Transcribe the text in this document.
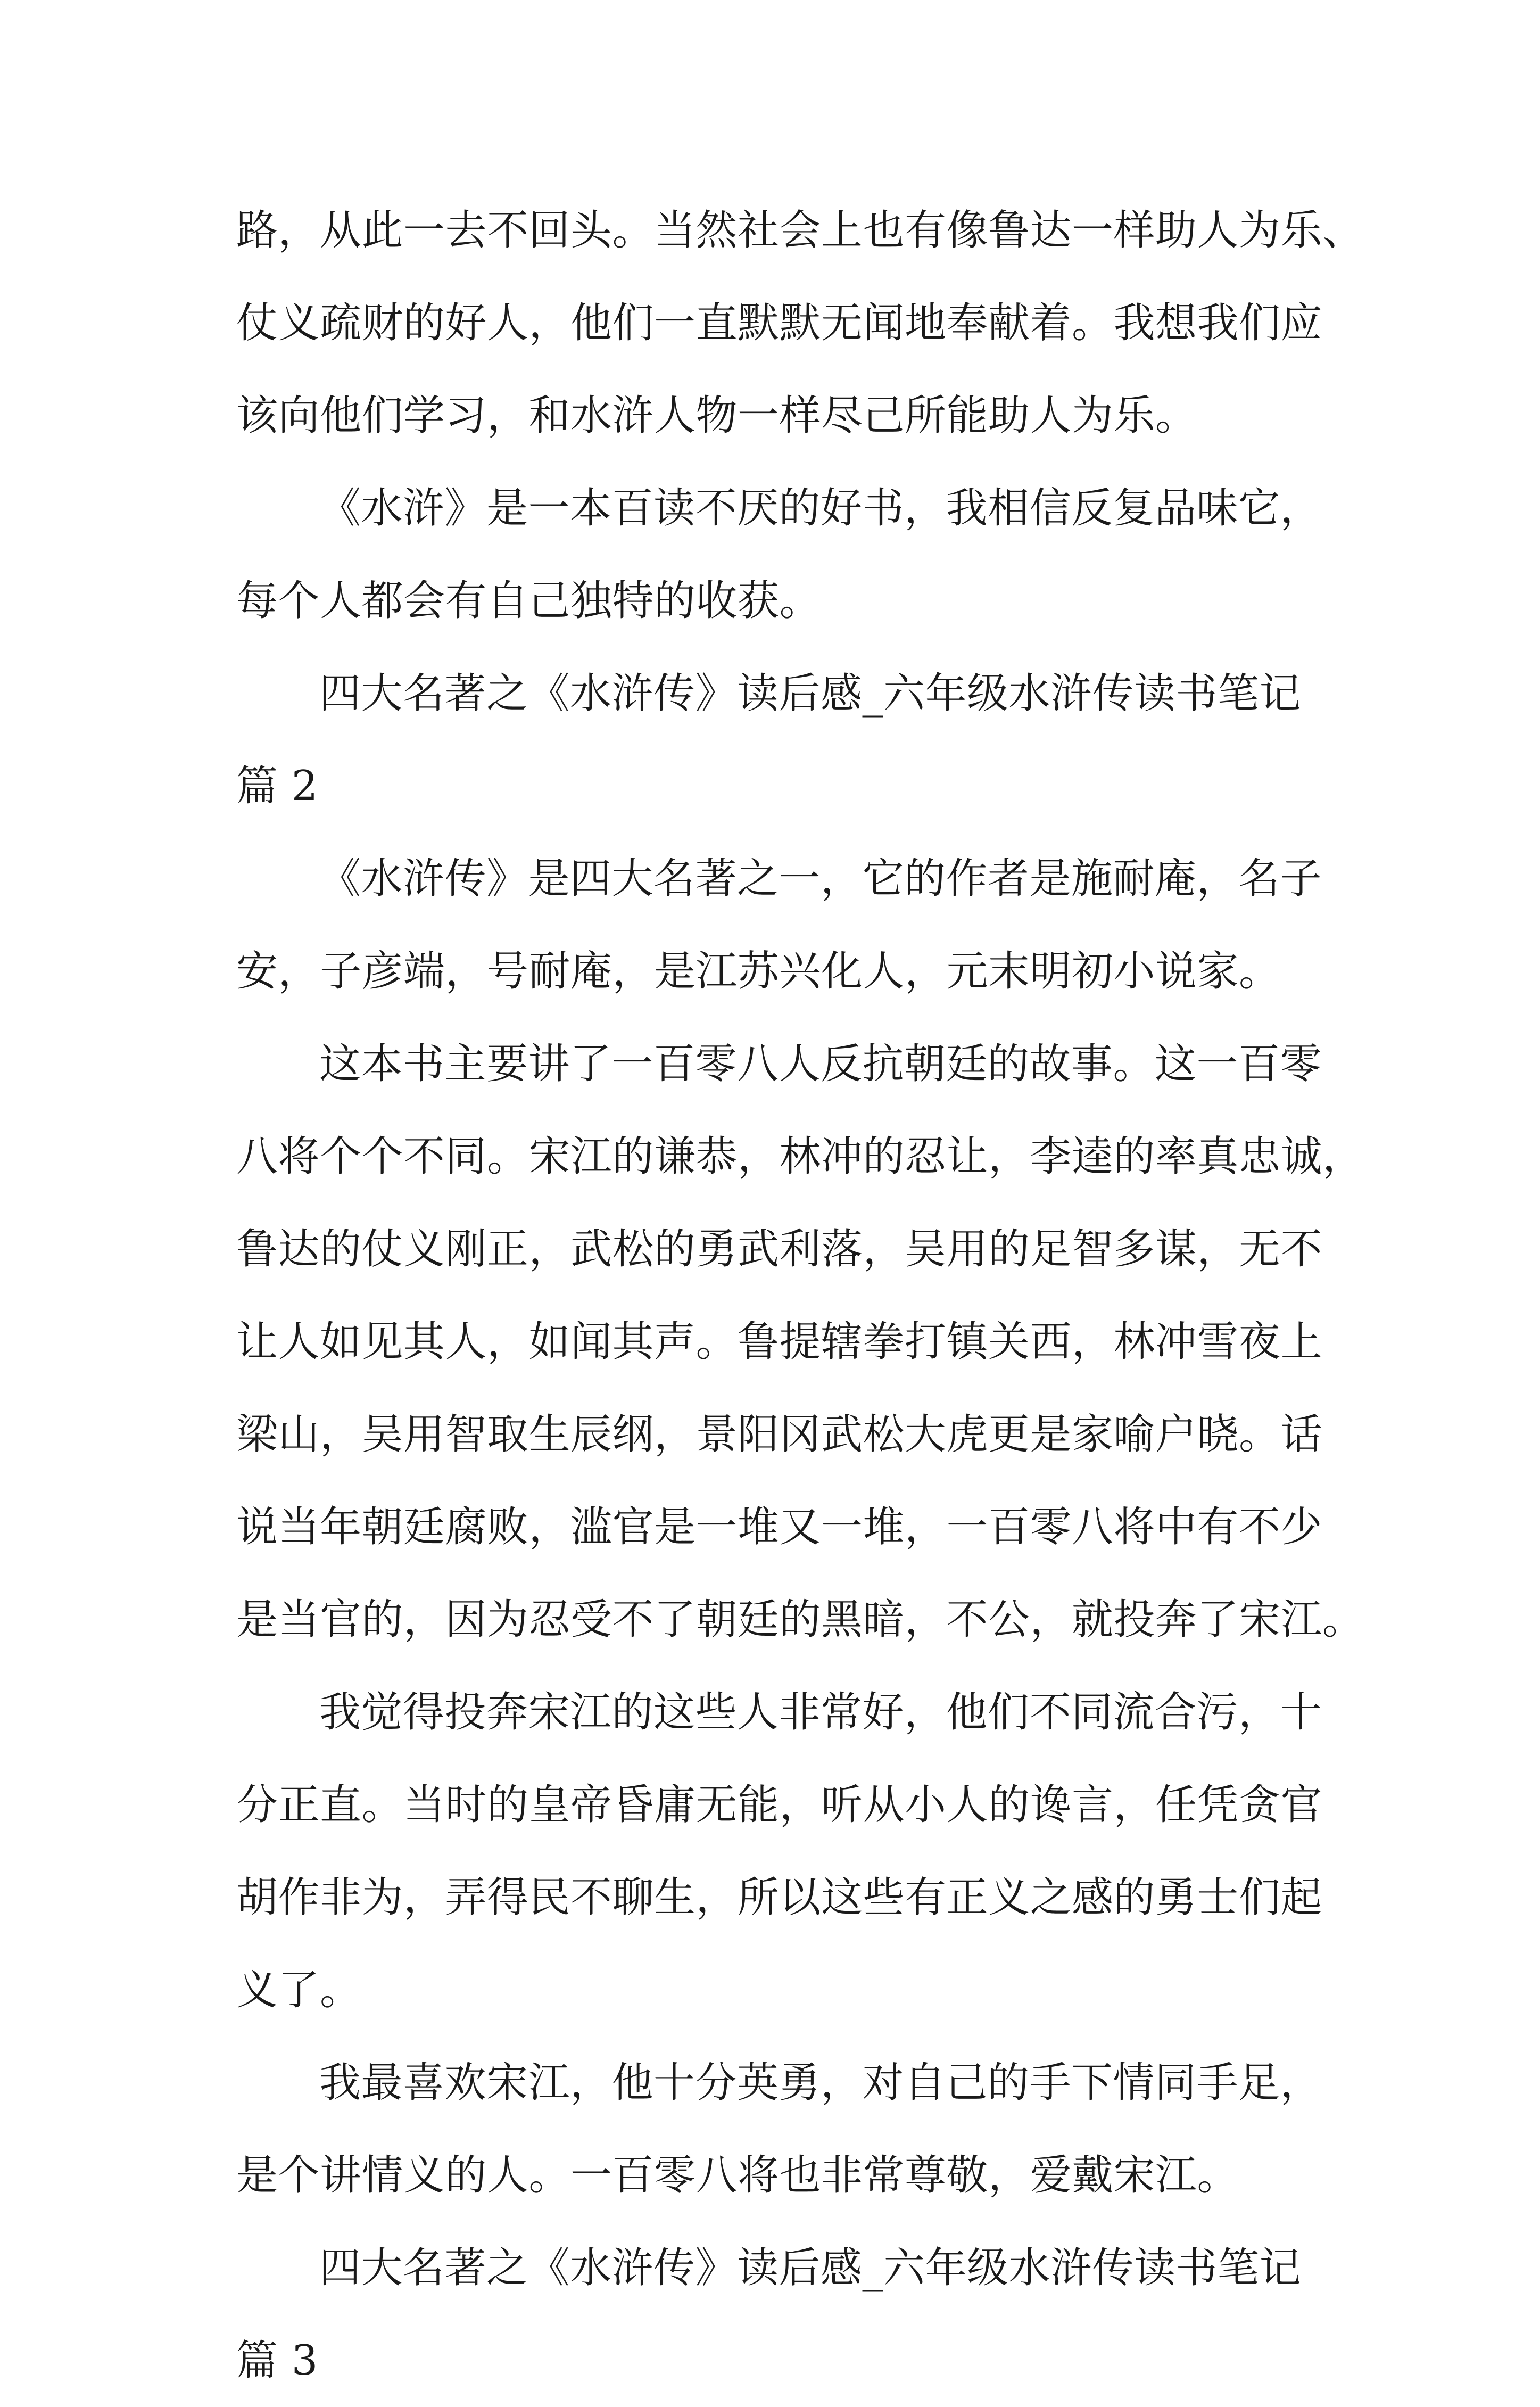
路，从此一去不回头。当然社会上也有像鲁达一样助人为乐、
仗义疏财的好人，他们一直默默无闻地奉献着。我想我们应
该向他们学习，和水浒人物一样尽己所能助人为乐。
《水浒》是一本百读不厌的好书，我相信反复品味它，
每个人都会有自己独特的收获。
四大名著之《水浒传》读后感_六年级水浒传读书笔记
篇 2
《水浒传》是四大名著之一，它的作者是施耐庵，名子
安，子彦端，号耐庵，是江苏兴化人，元末明初小说家。
这本书主要讲了一百零八人反抗朝廷的故事。这一百零
八将个个不同。宋江的谦恭，林冲的忍让，李逵的率真忠诚，
鲁达的仗义刚正，武松的勇武利落，吴用的足智多谋，无不
让人如见其人，如闻其声。鲁提辖拳打镇关西，林冲雪夜上
梁山，吴用智取生辰纲，景阳冈武松大虎更是家喻户晓。话
说当年朝廷腐败，滥官是一堆又一堆，一百零八将中有不少
是当官的，因为忍受不了朝廷的黑暗，不公，就投奔了宋江。
我觉得投奔宋江的这些人非常好，他们不同流合污，十
分正直。当时的皇帝昏庸无能，听从小人的谗言，任凭贪官
胡作非为，弄得民不聊生，所以这些有正义之感的勇士们起
义了。
我最喜欢宋江，他十分英勇，对自己的手下情同手足，
是个讲情义的人。一百零八将也非常尊敬，爱戴宋江。
四大名著之《水浒传》读后感_六年级水浒传读书笔记
篇 3
